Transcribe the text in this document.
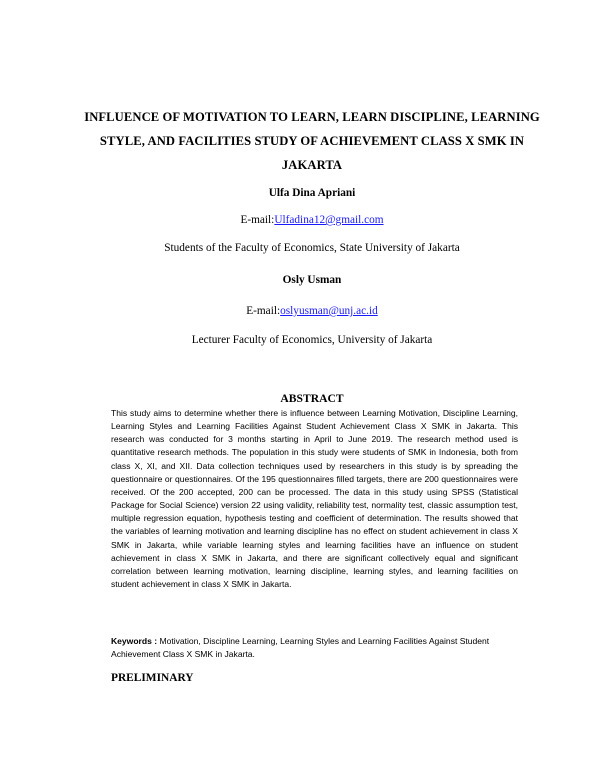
INFLUENCE OF MOTIVATION TO LEARN, LEARN DISCIPLINE, LEARNING STYLE, AND FACILITIES STUDY OF ACHIEVEMENT CLASS X SMK IN JAKARTA
Ulfa Dina Apriani
E-mail:Ulfadina12@gmail.com
Students of the Faculty of Economics, State University of Jakarta
Osly Usman
E-mail:oslyusman@unj.ac.id
Lecturer Faculty of Economics, University of Jakarta
ABSTRACT
This study aims to determine whether there is influence between Learning Motivation, Discipline Learning, Learning Styles and Learning Facilities Against Student Achievement Class X SMK in Jakarta. This research was conducted for 3 months starting in April to June 2019. The research method used is quantitative research methods. The population in this study were students of SMK in Indonesia, both from class X, XI, and XII. Data collection techniques used by researchers in this study is by spreading the questionnaire or questionnaires. Of the 195 questionnaires filled targets, there are 200 questionnaires were received. Of the 200 accepted, 200 can be processed. The data in this study using SPSS (Statistical Package for Social Science) version 22 using validity, reliability test, normality test, classic assumption test, multiple regression equation, hypothesis testing and coefficient of determination. The results showed that the variables of learning motivation and learning discipline has no effect on student achievement in class X SMK in Jakarta, while variable learning styles and learning facilities have an influence on student achievement in class X SMK in Jakarta, and there are significant collectively equal and significant correlation between learning motivation, learning discipline, learning styles, and learning facilities on student achievement in class X SMK in Jakarta.
Keywords : Motivation, Discipline Learning, Learning Styles and Learning Facilities Against Student Achievement Class X SMK in Jakarta.
PRELIMINARY
